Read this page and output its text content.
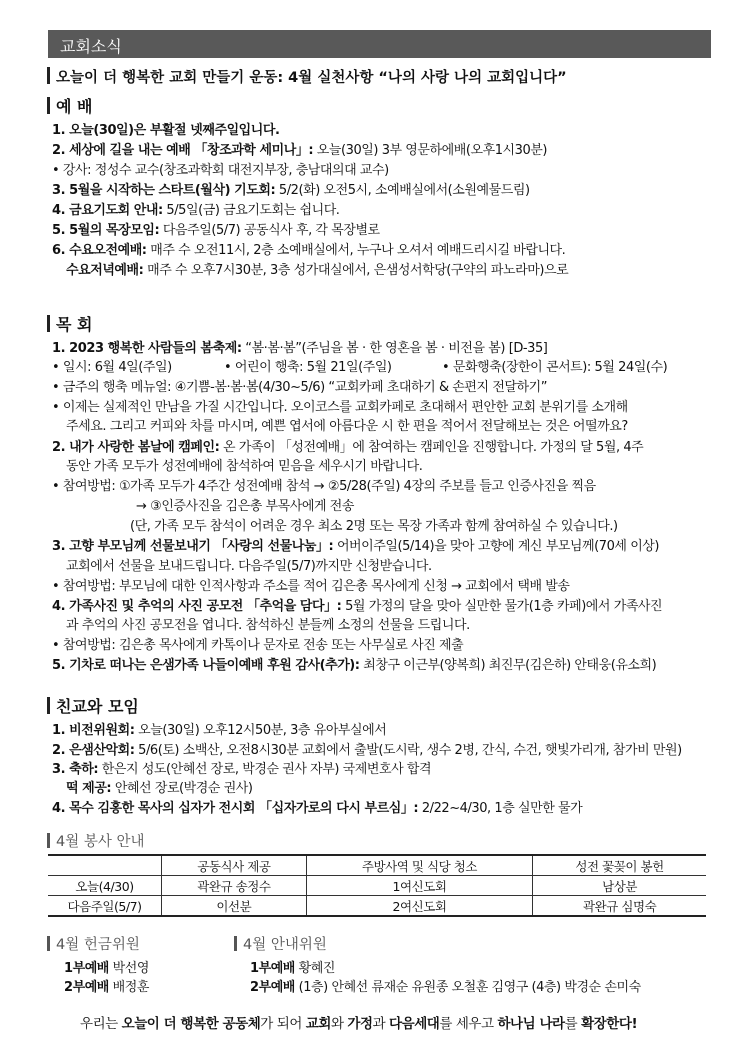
교회소식
오늘이 더 행복한 교회 만들기 운동: 4월 실천사항 “나의 사랑 나의 교회입니다”
예 배
1. 오늘(30일)은 부활절 넷째주일입니다.
2. 세상에 길을 내는 예배 「창조과학 세미나」: 오늘(30일) 3부 영문하에배(오후1시30분)
• 강사: 정성수 교수(창조과학회 대전지부장, 충남대의대 교수)
3. 5월을 시작하는 스타트(월삭) 기도회: 5/2(화) 오전5시, 소예배실에서(소원예물드림)
4. 금요기도회 안내: 5/5일(금) 금요기도회는 쉽니다.
5. 5월의 목장모임: 다음주일(5/7) 공동식사 후, 각 목장별로
6. 수요오전예배: 매주 수 오전11시, 2층 소예배실에서, 누구나 오셔서 예배드리시길 바랍니다.
수요저녁예배: 매주 수 오후7시30분, 3층 성가대실에서, 은샘성서학당(구약의 파노라마)으로
목 회
1. 2023 행복한 사람들의 봄축제: “봄·봄·봄”(주님을 봄 · 한 영혼을 봄 · 비전을 봄) [D-35]
• 일시: 6월 4일(주일)	• 어린이 행축: 5월 21일(주일)	• 문화행축(장한이 콘서트): 5월 24일(수)
• 금주의 행축 메뉴얼: ④기쁨-봄·봄·봄(4/30~5/6) “교회카페 초대하기 & 손편지 전달하기”
• 이제는 실제적인 만남을 가질 시간입니다. 오이코스를 교회카페로 초대해서 편안한 교회 분위기를 소개해
주세요. 그리고 커피와 차를 마시며, 예쁜 엽서에 아름다운 시 한 편을 적어서 전달해보는 것은 어떨까요?
2. 내가 사랑한 봄날에 캠페인: 온 가족이 「성전예배」에 참여하는 캠페인을 진행합니다. 가정의 달 5월, 4주
동안 가족 모두가 성전예배에 참석하여 믿음을 세우시기 바랍니다.
• 참여방법: ①가족 모두가 4주간 성전예배 참석 → ②5/28(주일) 4장의 주보를 들고 인증사진을 찍음
→ ③인증사진을 김은총 부목사에게 전송
(단, 가족 모두 참석이 어려운 경우 최소 2명 또는 목장 가족과 함께 참여하실 수 있습니다.)
3. 고향 부모님께 선물보내기 「사랑의 선물나눔」: 어버이주일(5/14)을 맞아 고향에 계신 부모님께(70세 이상)
교회에서 선물을 보내드립니다. 다음주일(5/7)까지만 신청받습니다.
• 참여방법: 부모님에 대한 인적사항과 주소를 적어 김은총 목사에게 신청 → 교회에서 택배 발송
4. 가족사진 및 추억의 사진 공모전 「추억을 담다」: 5월 가정의 달을 맞아 실만한 물가(1층 카페)에서 가족사진
과 추억의 사진 공모전을 엽니다. 참석하신 분들께 소정의 선물을 드립니다.
• 참여방법: 김은총 목사에게 카톡이나 문자로 전송 또는 사무실로 사진 제출
5. 기차로 떠나는 은샘가족 나들이예배 후원 감사(추가): 최창구 이근부(양복희) 최진무(김은하) 안태웅(유소희)
친교와 모임
1. 비전위원회: 오늘(30일) 오후12시50분, 3층 유아부실에서
2. 은샘산악회: 5/6(토) 소백산, 오전8시30분 교회에서 출발(도시락, 생수 2병, 간식, 수건, 햇빛가리개, 참가비 만원)
3. 축하: 한은지 성도(안혜선 장로, 박경순 권사 자부) 국제변호사 합격
떡 제공: 안혜선 장로(박경순 권사)
4. 목수 김홍한 목사의 십자가 전시회 「십자가로의 다시 부르심」: 2/22~4/30, 1층 실만한 물가
4월 봉사 안내
	공동식사 제공	주방사역 및 식당 청소	성전 꽃꽂이 봉헌
오늘(4/30)	곽완규 송정수	1여신도회	남상분
다음주일(5/7)	이선분	2여신도회	곽완규 심명숙
4월 헌금위원
1부예배 박선영
2부예배 배정훈
4월 안내위원
1부예배 황혜진
2부예배 (1층) 안혜선 류재순 유원종 오철훈 김영구 (4층) 박경순 손미숙
우리는 오늘이 더 행복한 공동체가 되어 교회와 가정과 다음세대를 세우고 하나님 나라를 확장한다!
